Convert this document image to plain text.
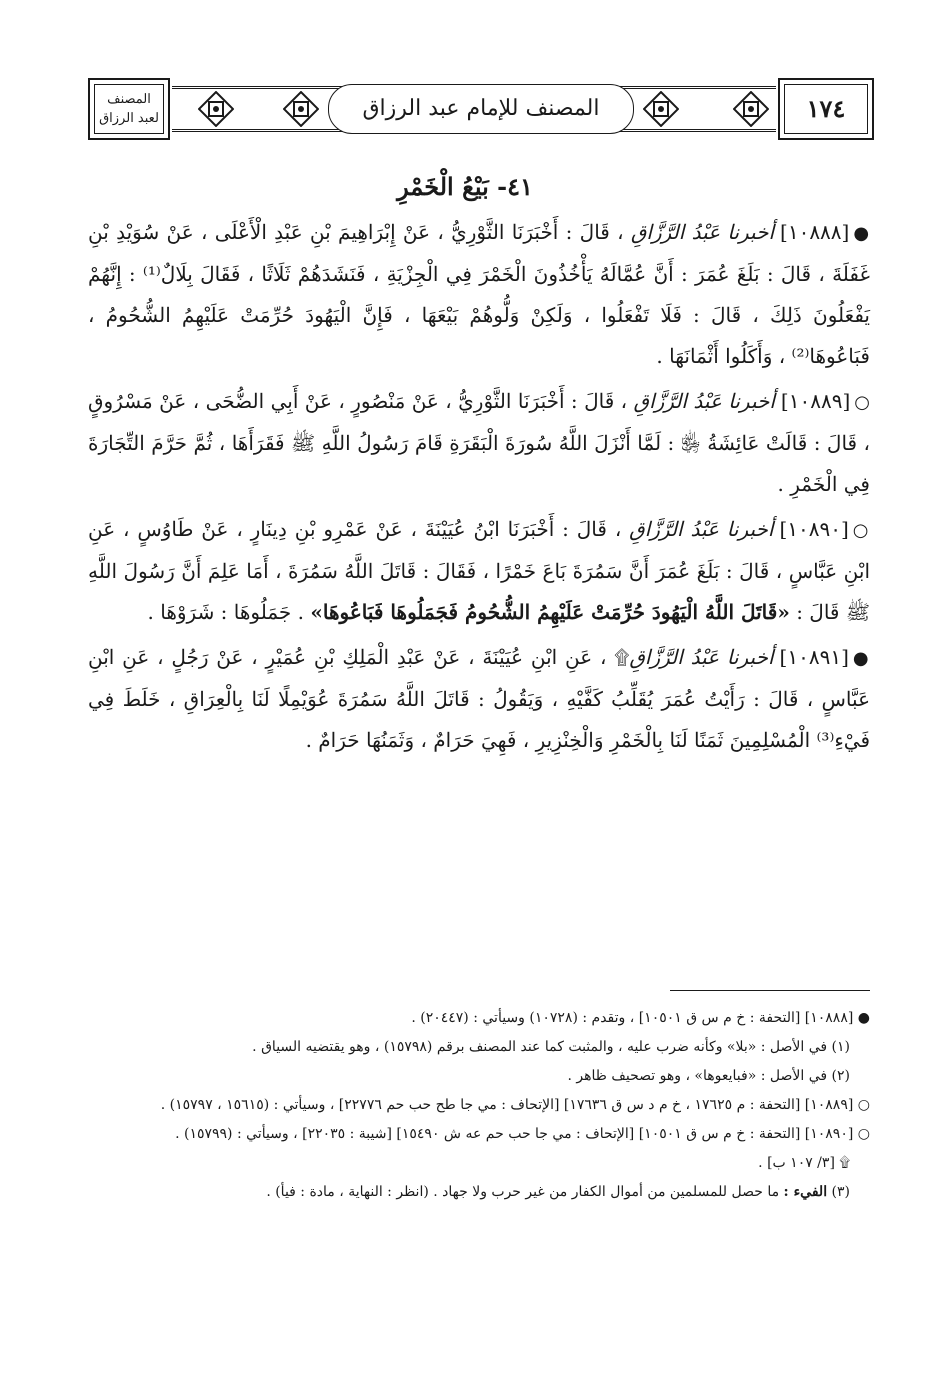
المصنف
لعبد الرزاق	المصنف للإمام عبد الرزاق	١٧٤
٤١- بَيْعُ الْخَمْرِ

●[١٠٨٨٨]أخبرنا عَبْدُ الرَّزَّاقِ ، قَالَ : أَخْبَرَنَا الثَّوْرِيُّ ، عَنْ إِبْرَاهِيمَ بْنِ عَبْدِ الْأَعْلَى ، عَنْ سُوَيْدِ بْنِ غَفَلَةَ ، قَالَ : بَلَغَ عُمَرَ : أَنَّ عُمَّالَهُ يَأْخُذُونَ الْخَمْرَ فِي الْجِزْيَةِ ، فَنَشَدَهُمْ ثَلَاثًا ، فَقَالَ بِلَالٌ⁽¹⁾ : إِنَّهُمْ يَفْعَلُونَ ذَلِكَ ، قَالَ : فَلَا تَفْعَلُوا ، وَلَكِنْ وَلُّوهُمْ بَيْعَهَا ، فَإِنَّ الْيَهُودَ حُرِّمَتْ عَلَيْهِمُ الشُّحُومُ ، فَبَاعُوهَا⁽²⁾ ، وَأَكَلُوا أَثْمَانَهَا .

○[١٠٨٨٩]أخبرنا عَبْدُ الرَّزَّاقِ ، قَالَ : أَخْبَرَنَا الثَّوْرِيُّ ، عَنْ مَنْصُورٍ ، عَنْ أَبِي الضُّحَى ، عَنْ مَسْرُوقٍ ، قَالَ : قَالَتْ عَائِشَةُ ﵂ : لَمَّا أَنْزَلَ اللَّهُ سُورَةَ الْبَقَرَةِ قَامَ رَسُولُ اللَّهِ ﷺ فَقَرَأَهَا ، ثُمَّ حَرَّمَ التِّجَارَةَ فِي الْخَمْرِ .

○[١٠٨٩٠]أخبرنا عَبْدُ الرَّزَّاقِ ، قَالَ : أَخْبَرَنَا ابْنُ عُيَيْنَةَ ، عَنْ عَمْرِو بْنِ دِينَارٍ ، عَنْ طَاوُسٍ ، عَنِ ابْنِ عَبَّاسٍ ، قَالَ : بَلَغَ عُمَرَ أَنَّ سَمُرَةَ بَاعَ خَمْرًا ، فَقَالَ : قَاتَلَ اللَّهُ سَمُرَةَ ، أَمَا عَلِمَ أَنَّ رَسُولَ اللَّهِ ﷺ قَالَ : «قَاتَلَ اللَّهُ الْيَهُودَ حُرِّمَتْ عَلَيْهِمُ الشُّحُومُ فَجَمَلُوهَا فَبَاعُوهَا» . جَمَلُوهَا : شَرَوْهَا .

●[١٠٨٩١]أخبرنا عَبْدُ الرَّزَّاقِ۩ ، عَنِ ابْنِ عُيَيْنَةَ ، عَنْ عَبْدِ الْمَلِكِ بْنِ عُمَيْرٍ ، عَنْ رَجُلٍ ، عَنِ ابْنِ عَبَّاسٍ ، قَالَ : رَأَيْتُ عُمَرَ يُقَلِّبُ كَفَّيْهِ ، وَيَقُولُ : قَاتَلَ اللَّهُ سَمُرَةَ عُوَيْمِلًا لَنَا بِالْعِرَاقِ ، خَلَطَ فِي فَيْءِ⁽³⁾ الْمُسْلِمِينَ ثَمَنًا لَنَا بِالْخَمْرِ وَالْخِنْزِيرِ ، فَهِيَ حَرَامٌ ، وَثَمَنُهَا حَرَامٌ .

● [١٠٨٨٨] [التحفة : خ م س ق ١٠٥٠١] ، وتقدم : (١٠٧٢٨) وسيأتي : (٢٠٤٤٧) .

(١) في الأصل : «بلا» وكأنه ضرب عليه ، والمثبت كما عند المصنف برقم (١٥٧٩٨) ، وهو يقتضيه السياق .

(٢) في الأصل : «فبايعوها» ، وهو تصحيف ظاهر .

○ [١٠٨٨٩] [التحفة : م ١٧٦٢٥ ، خ م د س ق ١٧٦٣٦] [الإتحاف : مي جا طح حب حم ٢٢٧٧٦] ، وسيأتي : (١٥٦١٥ ، ١٥٧٩٧) .

○ [١٠٨٩٠] [التحفة : خ م س ق ١٠٥٠١] [الإتحاف : مي جا حب حم عه ش ١٥٤٩٠] [شيبة : ٢٢٠٣٥] ، وسيأتي : (١٥٧٩٩) .

۩ [٣/ ١٠٧ ب] .

(٣) الفيء : ما حصل للمسلمين من أموال الكفار من غير حرب ولا جهاد . (انظر : النهاية ، مادة : فيأ) .
